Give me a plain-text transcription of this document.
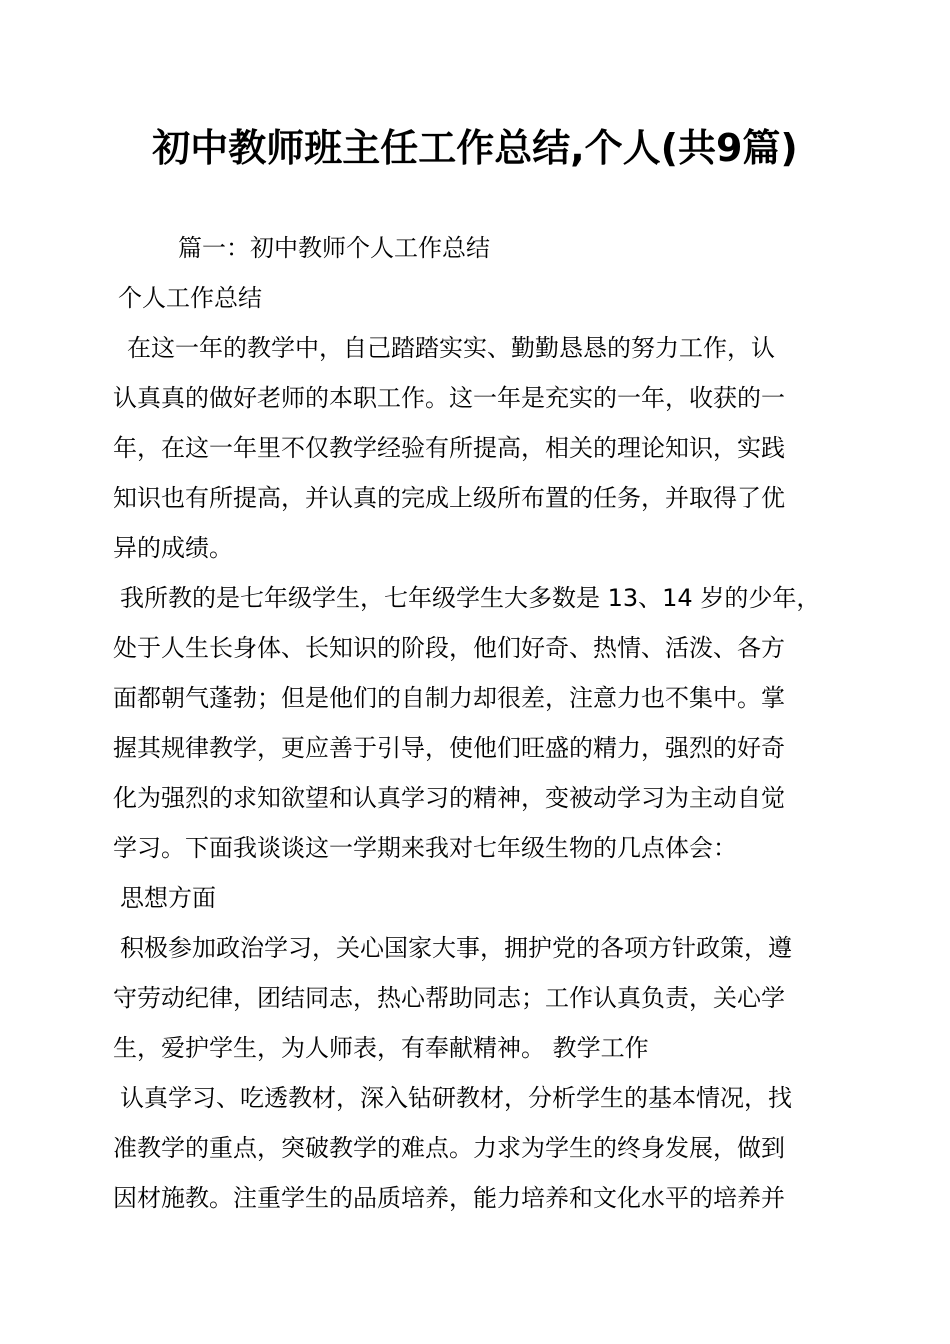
初中教师班主任工作总结,个人(共9篇)
篇一：初中教师个人工作总结
个人工作总结
在这一年的教学中，自己踏踏实实、勤勤恳恳的努力工作，认
认真真的做好老师的本职工作。这一年是充实的一年，收获的一
年，在这一年里不仅教学经验有所提高，相关的理论知识，实践
知识也有所提高，并认真的完成上级所布置的任务，并取得了优
异的成绩。
我所教的是七年级学生，七年级学生大多数是 13、14 岁的少年，
处于人生长身体、长知识的阶段，他们好奇、热情、活泼、各方
面都朝气蓬勃；但是他们的自制力却很差，注意力也不集中。掌
握其规律教学，更应善于引导，使他们旺盛的精力，强烈的好奇
化为强烈的求知欲望和认真学习的精神，变被动学习为主动自觉
学习。下面我谈谈这一学期来我对七年级生物的几点体会：
思想方面
积极参加政治学习，关心国家大事，拥护党的各项方针政策，遵
守劳动纪律，团结同志，热心帮助同志；工作认真负责，关心学
生，爱护学生，为人师表，有奉献精神。 教学工作
认真学习、吃透教材，深入钻研教材，分析学生的基本情况，找
准教学的重点，突破教学的难点。力求为学生的终身发展，做到
因材施教。注重学生的品质培养，能力培养和文化水平的培养并
